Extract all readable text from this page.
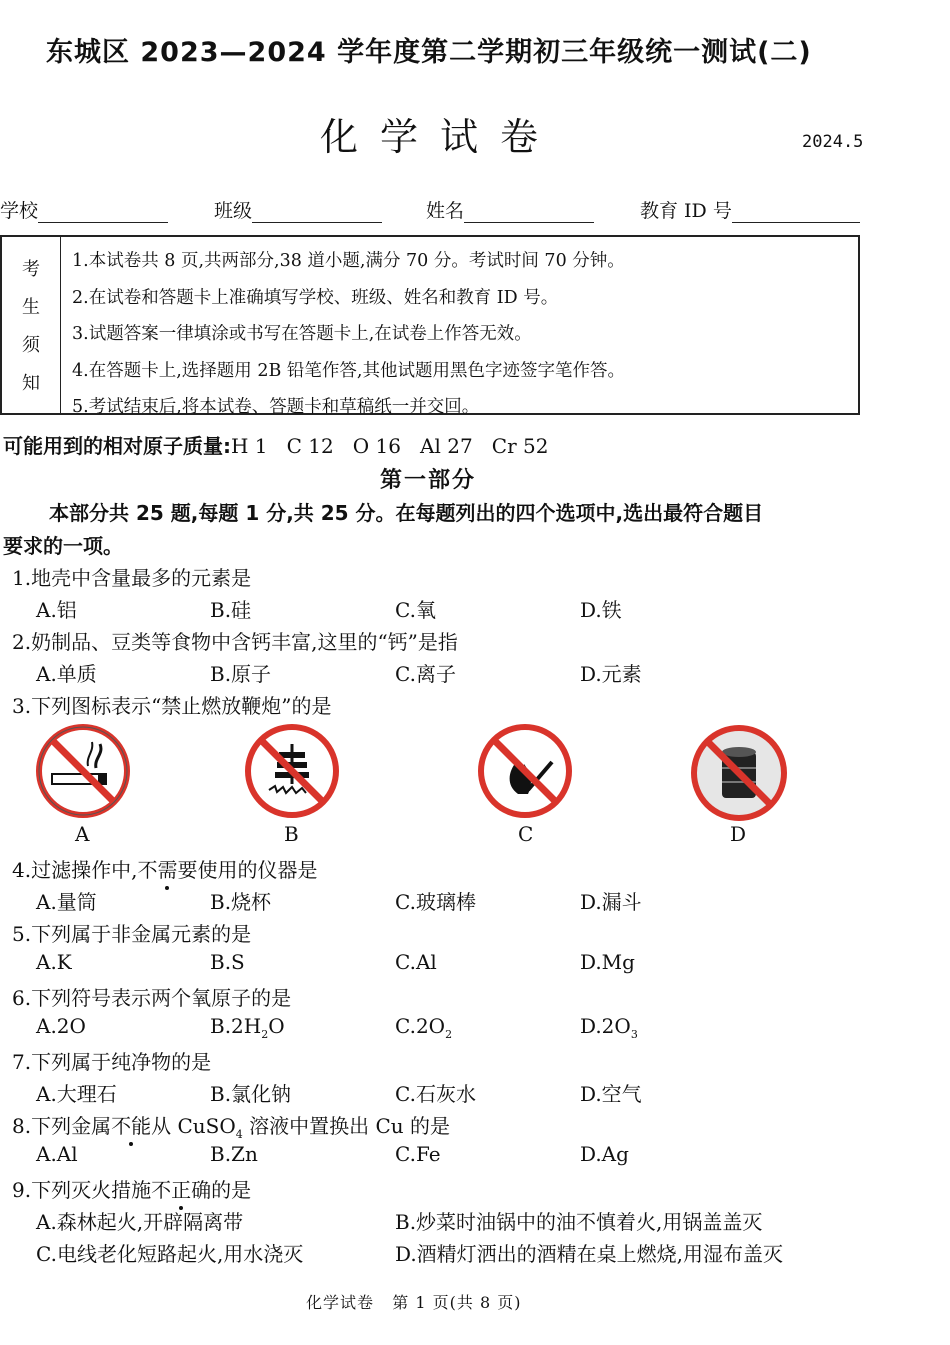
东城区 2023—2024 学年度第二学期初三年级统一测试(二)
化学试卷	2024.5
学校	班级	姓名	教育 ID 号
考
生
须
知
1.本试卷共 8 页,共两部分,38 道小题,满分 70 分。考试时间 70 分钟。
2.在试卷和答题卡上准确填写学校、班级、姓名和教育 ID 号。
3.试题答案一律填涂或书写在答题卡上,在试卷上作答无效。
4.在答题卡上,选择题用 2B 铅笔作答,其他试题用黑色字迹签字笔作答。
5.考试结束后,将本试卷、答题卡和草稿纸一并交回。
可能用到的相对原子质量:H 1   C 12   O 16   Al 27   Cr 52
第一部分
本部分共 25 题,每题 1 分,共 25 分。在每题列出的四个选项中,选出最符合题目
要求的一项。
1.地壳中含量最多的元素是
A.铝	B.硅	C.氧	D.铁
2.奶制品、豆类等食物中含钙丰富,这里的“钙”是指
A.单质	B.原子	C.离子	D.元素
3.下列图标表示“禁止燃放鞭炮”的是
A	B	C	D
4.过滤操作中,不需要使用的仪器是
A.量筒	B.烧杯	C.玻璃棒	D.漏斗
5.下列属于非金属元素的是
A.K	B.S	C.Al	D.Mg
6.下列符号表示两个氧原子的是
A.2O	$B.2H_2O$	$C.2O_2$	$D.2O_3$
7.下列属于纯净物的是
A.大理石	B.氯化钠	C.石灰水	D.空气
8.下列金属不能从 CuSO$_4$ 溶液中置换出 Cu 的是
A.Al	B.Zn	C.Fe	D.Ag
9.下列灭火措施不正确的是
A.森林起火,开辟隔离带	B.炒菜时油锅中的油不慎着火,用锅盖盖灭
C.电线老化短路起火,用水浇灭	D.酒精灯洒出的酒精在桌上燃烧,用湿布盖灭
化学试卷   第 1 页(共 8 页)
